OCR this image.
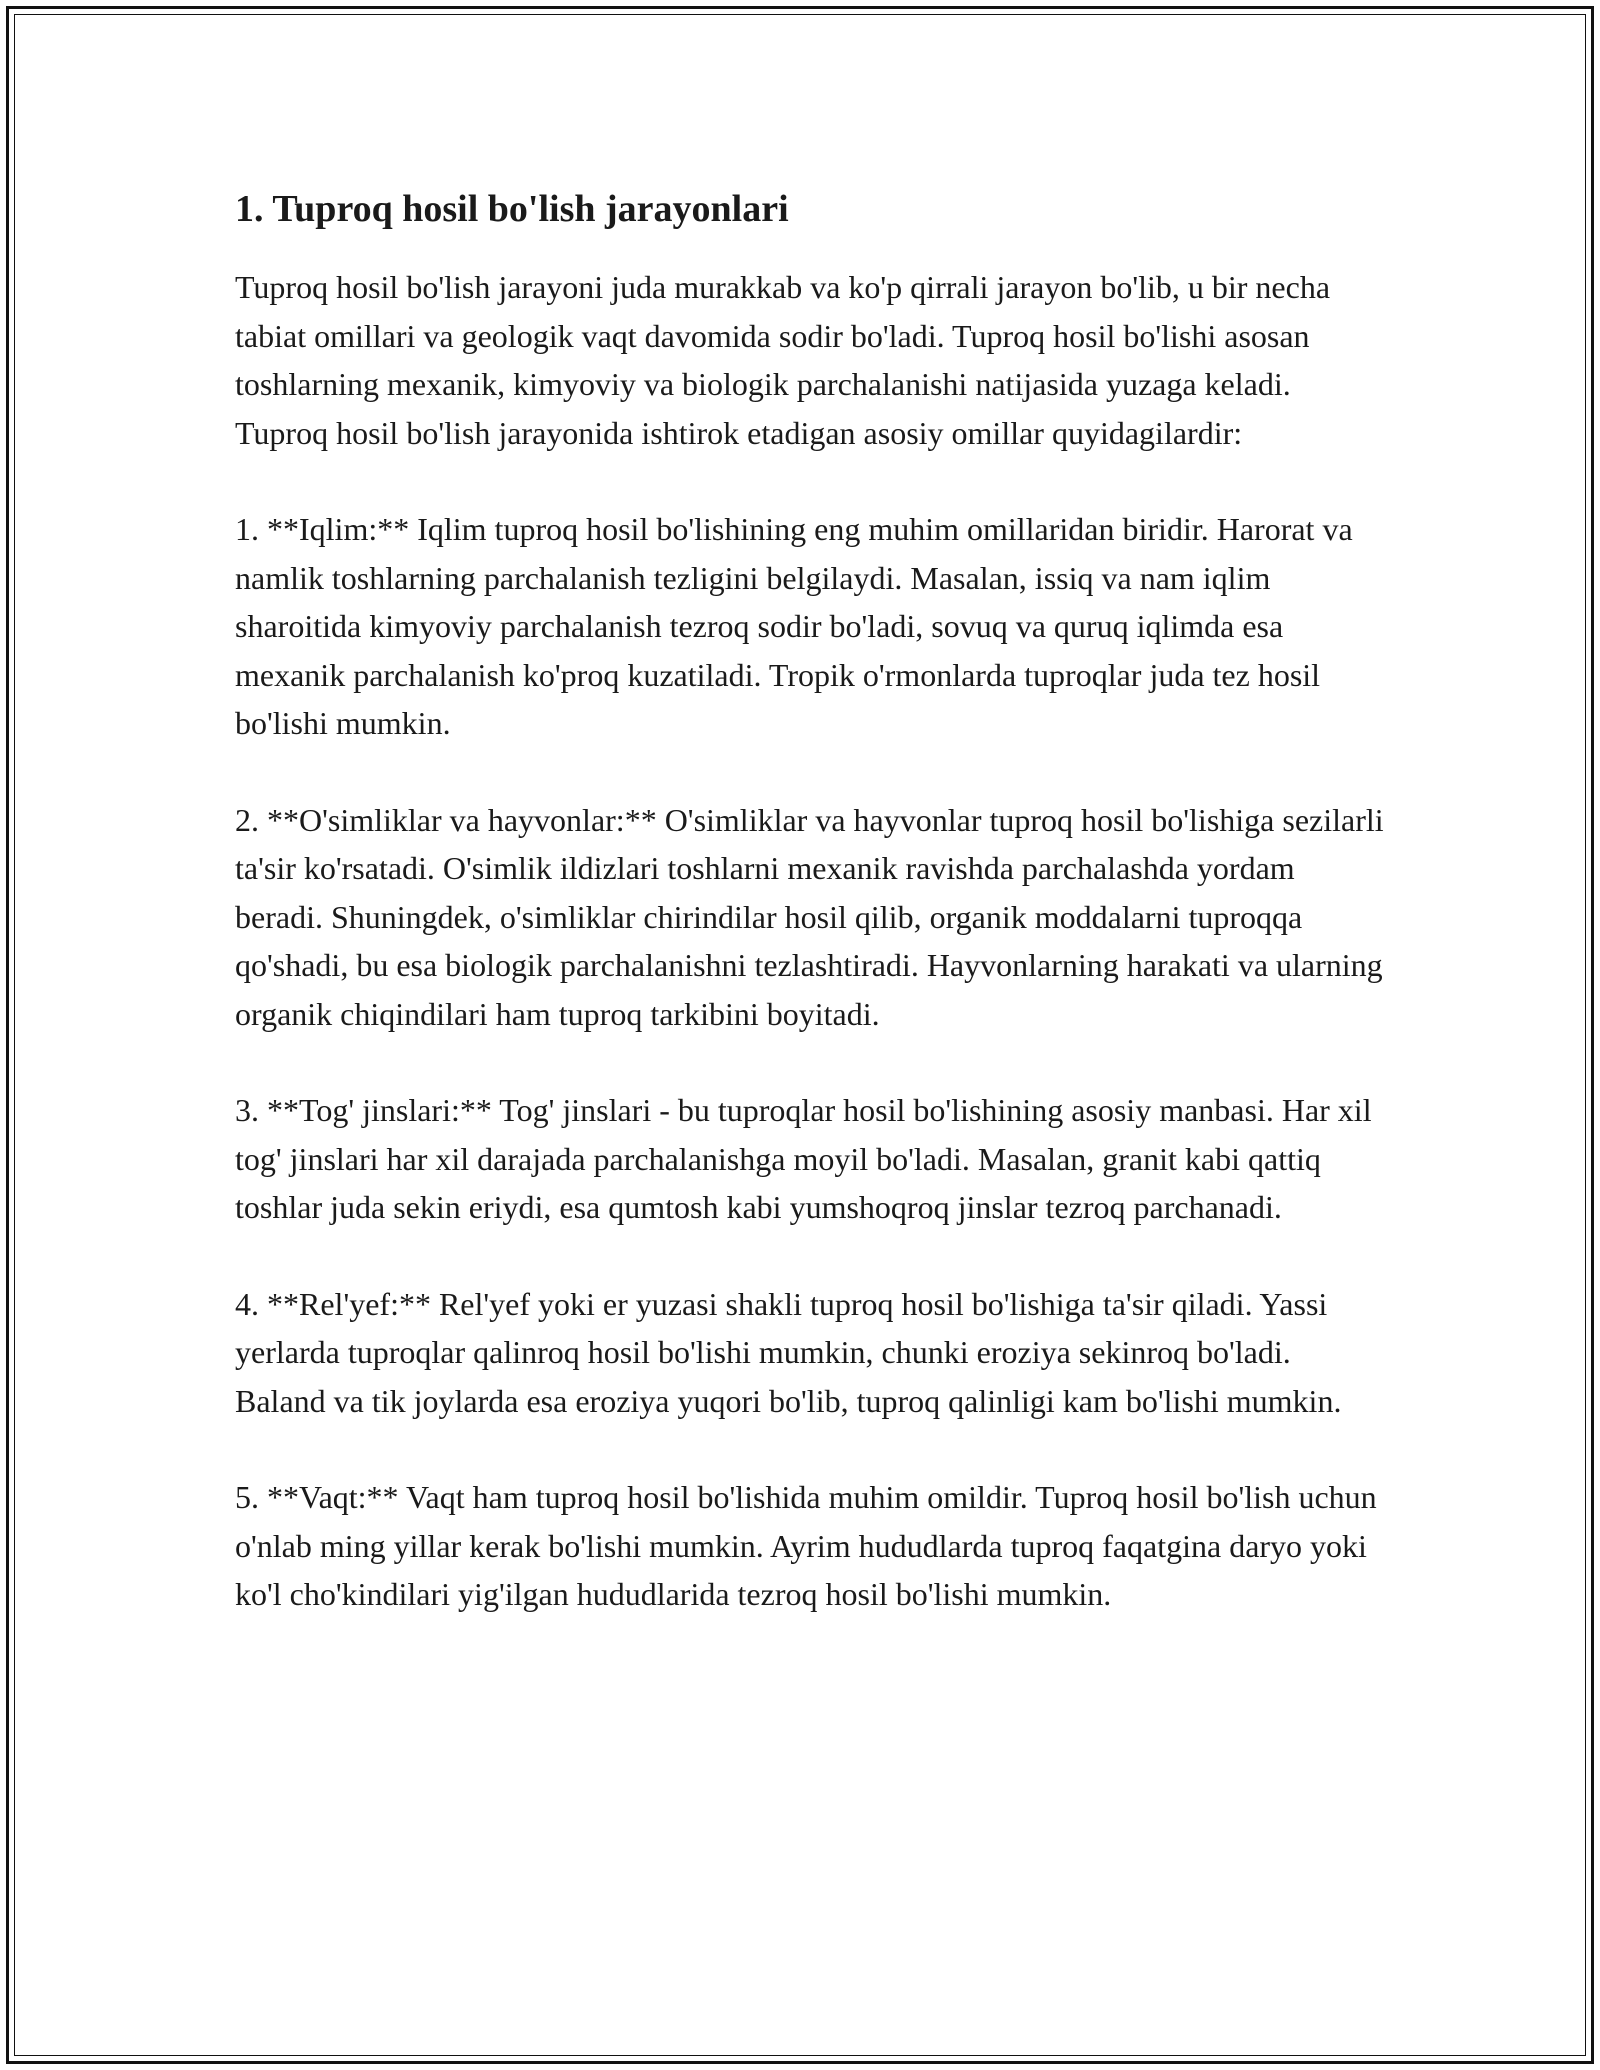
1. Tuproq hosil bo'lish jarayonlari

Tuproq hosil bo'lish jarayoni juda murakkab va ko'p qirrali jarayon bo'lib, u bir necha tabiat omillari va geologik vaqt davomida sodir bo'ladi. Tuproq hosil bo'lishi asosan toshlarning mexanik, kimyoviy va biologik parchalanishi natijasida yuzaga keladi. Tuproq hosil bo'lish jarayonida ishtirok etadigan asosiy omillar quyidagilardir:

1. **Iqlim:** Iqlim tuproq hosil bo'lishining eng muhim omillaridan biridir. Harorat va namlik toshlarning parchalanish tezligini belgilaydi. Masalan, issiq va nam iqlim sharoitida kimyoviy parchalanish tezroq sodir bo'ladi, sovuq va quruq iqlimda esa mexanik parchalanish ko'proq kuzatiladi. Tropik o'rmonlarda tuproqlar juda tez hosil bo'lishi mumkin.

2. **O'simliklar va hayvonlar:** O'simliklar va hayvonlar tuproq hosil bo'lishiga sezilarli ta'sir ko'rsatadi. O'simlik ildizlari toshlarni mexanik ravishda parchalashda yordam beradi. Shuningdek, o'simliklar chirindilar hosil qilib, organik moddalarni tuproqqa qo'shadi, bu esa biologik parchalanishni tezlashtiradi. Hayvonlarning harakati va ularning organik chiqindilari ham tuproq tarkibini boyitadi.

3. **Tog' jinslari:** Tog' jinslari - bu tuproqlar hosil bo'lishining asosiy manbasi. Har xil tog' jinslari har xil darajada parchalanishga moyil bo'ladi. Masalan, granit kabi qattiq toshlar juda sekin eriydi, esa qumtosh kabi yumshoqroq jinslar tezroq parchanadi.

4. **Rel'yef:** Rel'yef yoki er yuzasi shakli tuproq hosil bo'lishiga ta'sir qiladi. Yassi yerlarda tuproqlar qalinroq hosil bo'lishi mumkin, chunki eroziya sekinroq bo'ladi. Baland va tik joylarda esa eroziya yuqori bo'lib, tuproq qalinligi kam bo'lishi mumkin.

5. **Vaqt:** Vaqt ham tuproq hosil bo'lishida muhim omildir. Tuproq hosil bo'lish uchun o'nlab ming yillar kerak bo'lishi mumkin. Ayrim hududlarda tuproq faqatgina daryo yoki ko'l cho'kindilari yig'ilgan hududlarida tezroq hosil bo'lishi mumkin.
